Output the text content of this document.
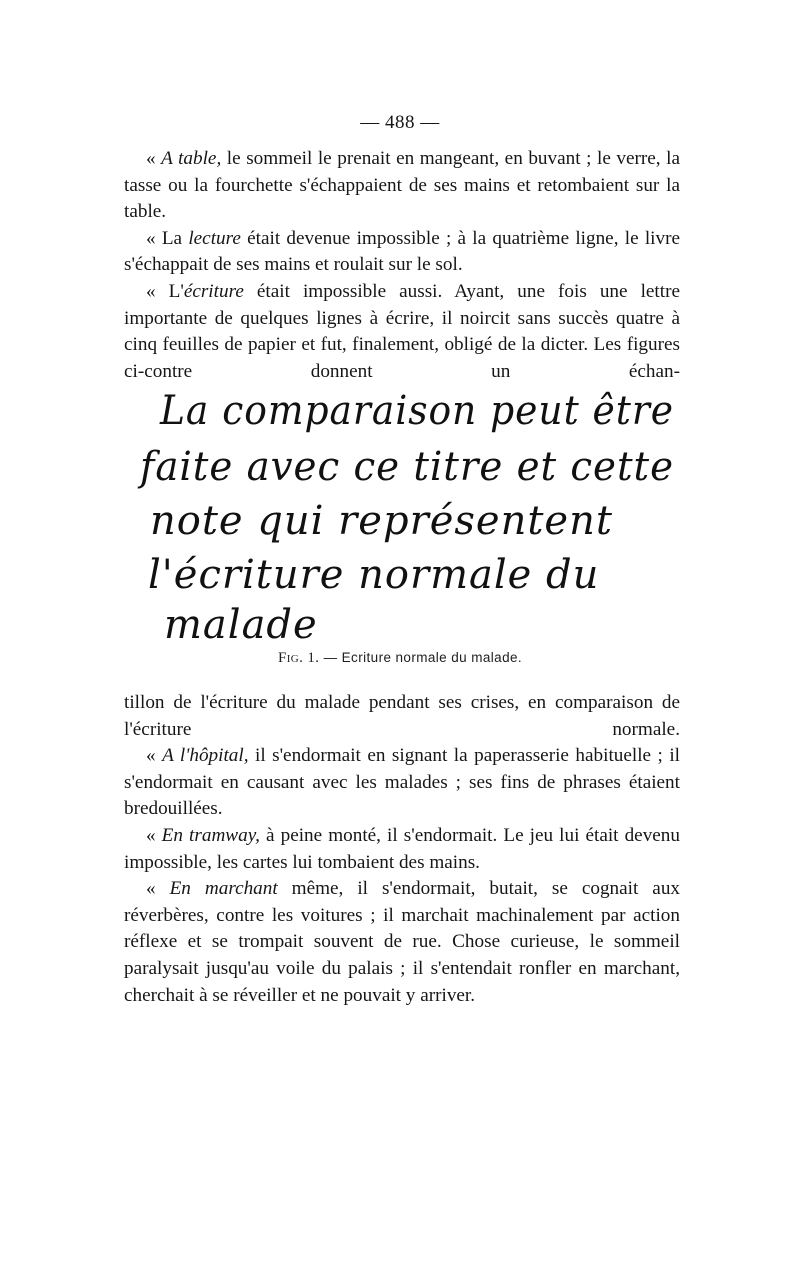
— 488 —

« A table, le sommeil le prenait en mangeant, en buvant ; le verre, la tasse ou la fourchette s'échappaient de ses mains et retombaient sur la table.

« La lecture était devenue impossible ; à la quatrième ligne, le livre s'échappait de ses mains et roulait sur le sol.

« L'écriture était impossible aussi. Ayant, une fois une lettre importante de quelques lignes à écrire, il noircit sans succès quatre à cinq feuilles de papier et fut, finalement, obligé de la dicter. Les figures ci-contre donnent un échan-

La comparaison peut être
faite avec ce titre et cette
note qui représentent
l'écriture normale du
malade
Fig. 1. — Ecriture normale du malade.

tillon de l'écriture du malade pendant ses crises, en comparaison de l'écriture normale.

« A l'hôpital, il s'endormait en signant la paperasserie habituelle ; il s'endormait en causant avec les malades ; ses fins de phrases étaient bredouillées.

« En tramway, à peine monté, il s'endormait. Le jeu lui était devenu impossible, les cartes lui tombaient des mains.

« En marchant même, il s'endormait, butait, se cognait aux réverbères, contre les voitures ; il marchait machinalement par action réflexe et se trompait souvent de rue. Chose curieuse, le sommeil paralysait jusqu'au voile du palais ; il s'entendait ronfler en marchant, cherchait à se réveiller et ne pouvait y arriver.
